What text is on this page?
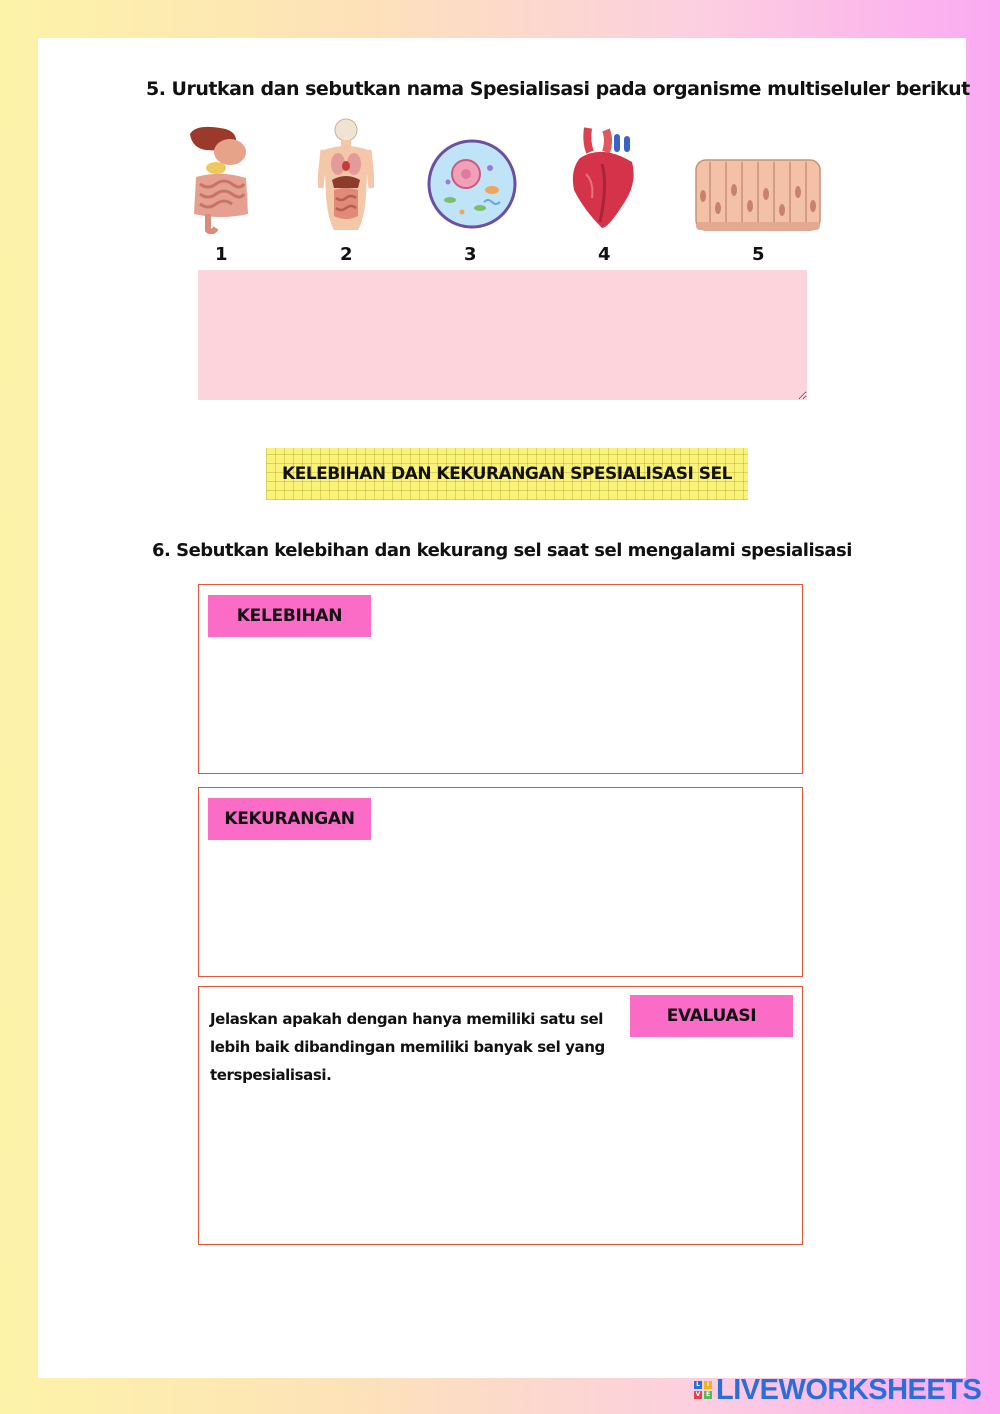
5. Urutkan dan sebutkan nama Spesialisasi pada organisme multiseluler berikut
1	2	3	4	5
KELEBIHAN DAN KEKURANGAN SPESIALISASI SEL
6. Sebutkan kelebihan dan kekurang sel saat sel mengalami spesialisasi
KELEBIHAN
KEKURANGAN
Jelaskan apakah dengan hanya memiliki satu sel
lebih baik dibandingan memiliki banyak sel yang
terspesialisasi.
EVALUASI
L	I
V E LIVEWORKSHEETS
